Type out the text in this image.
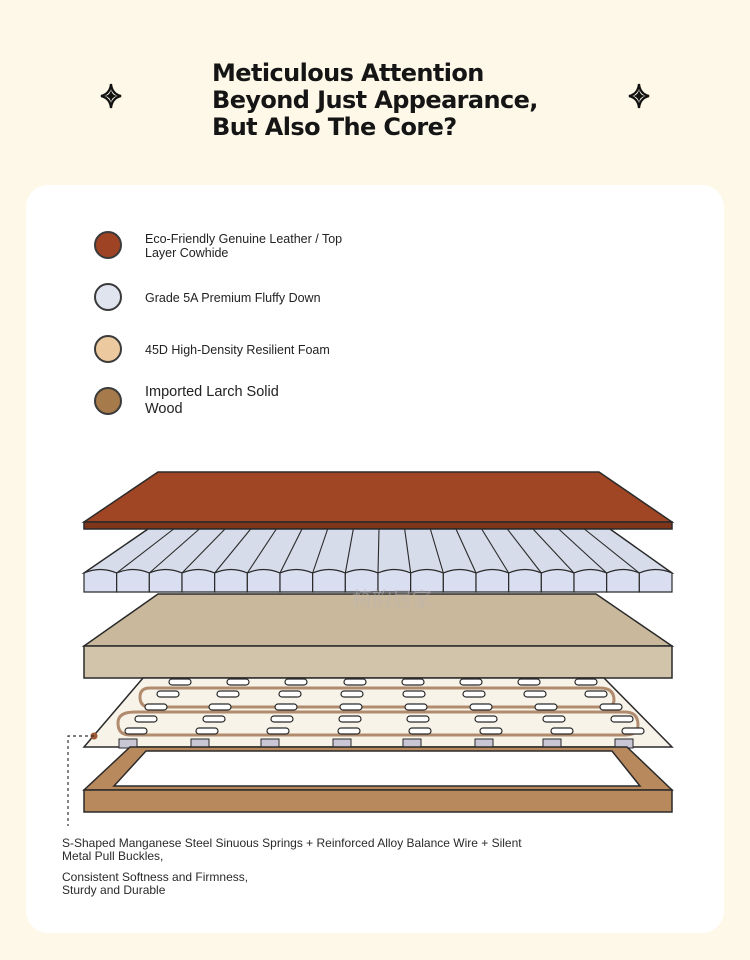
Meticulous Attention
Beyond Just Appearance,
But Also The Core?
Eco-Friendly Genuine Leather / Top Layer Cowhide
Grade 5A Premium Fluffy Down
45D High-Density Resilient Foam
Imported Larch Solid Wood
椅韵居家
S-Shaped Manganese Steel Sinuous Springs + Reinforced Alloy Balance Wire + Silent Metal Pull Buckles,
Consistent Softness and Firmness, Sturdy and Durable
